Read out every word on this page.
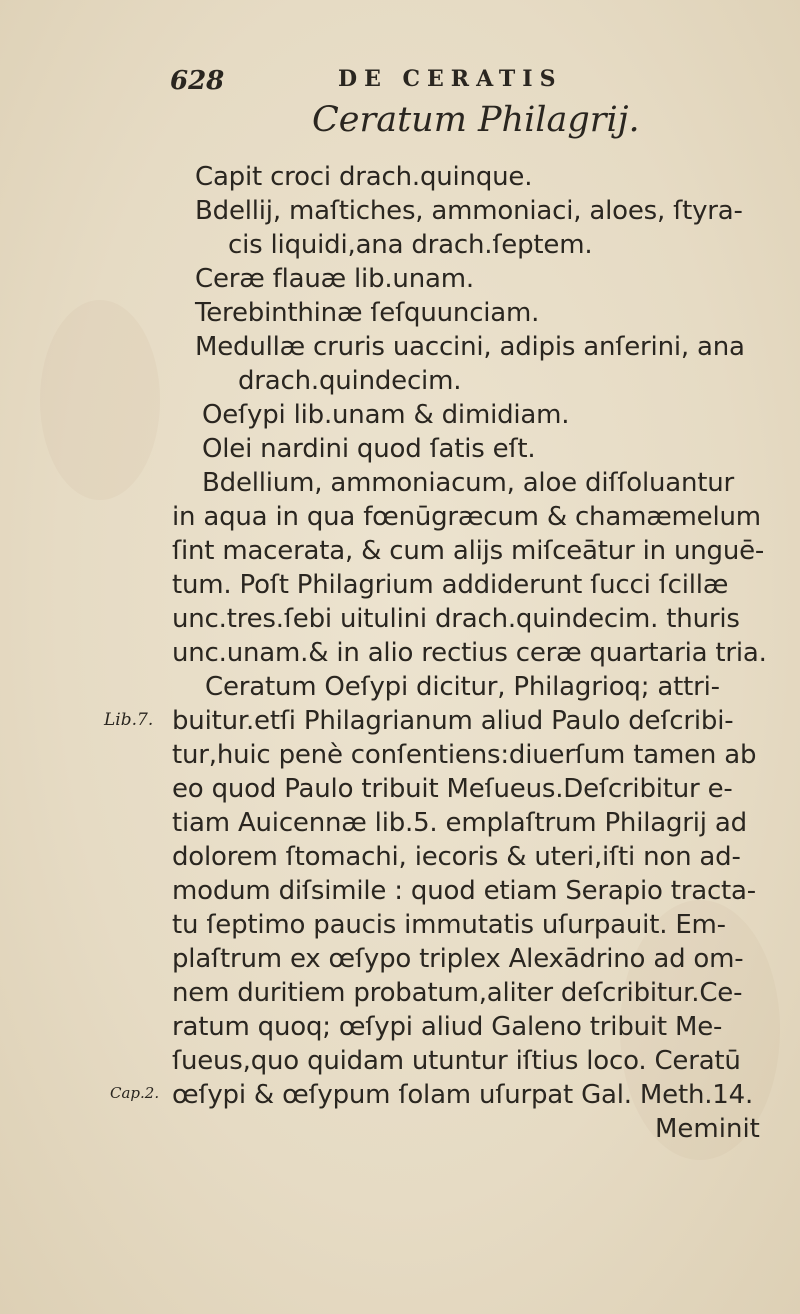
628	DE CERATIS
Ceratum Philagrij.
Capit croci drach.quinque.
Bdellij, maſtiches, ammoniaci, aloes, ſtyra-
cis liquidi,ana drach.ſeptem.
Ceræ flauæ lib.unam.
Terebinthinæ ſeſquunciam.
Medullæ cruris uaccini, adipis anſerini, ana
drach.quindecim.
Oeſypi lib.unam & dimidiam.
Olei nardini quod ſatis eſt.
Bdellium, ammoniacum, aloe diſſoluantur
in aqua in qua fœnūgræcum & chamæmelum
ſint macerata, & cum alijs miſceātur in unguē-
tum. Poſt Philagrium addiderunt ſucci ſcillæ
unc.tres.ſebi uitulini drach.quindecim. thuris
unc.unam.& in alio rectius ceræ quartaria tria.
Ceratum Oeſypi dicitur, Philagrioq; attri-
buitur.etſi Philagrianum aliud Paulo deſcribi-
tur,huic penè conſentiens:diuerſum tamen ab
eo quod Paulo tribuit Meſueus.Deſcribitur e-
tiam Auicennæ lib.5. emplaſtrum Philagrij ad
dolorem ſtomachi, iecoris & uteri,iſti non ad-
modum diſsimile : quod etiam Serapio tracta-
tu ſeptimo paucis immutatis uſurpauit. Em-
plaſtrum ex œſypo triplex Alexādrino ad om-
nem duritiem probatum,aliter deſcribitur.Ce-
ratum quoq; œſypi aliud Galeno tribuit Me-
ſueus,quo quidam utuntur iſtius loco. Ceratū
œſypi & œſypum ſolam uſurpat Gal. Meth.14.
Lib.7.
Cap.2.
Meminit
